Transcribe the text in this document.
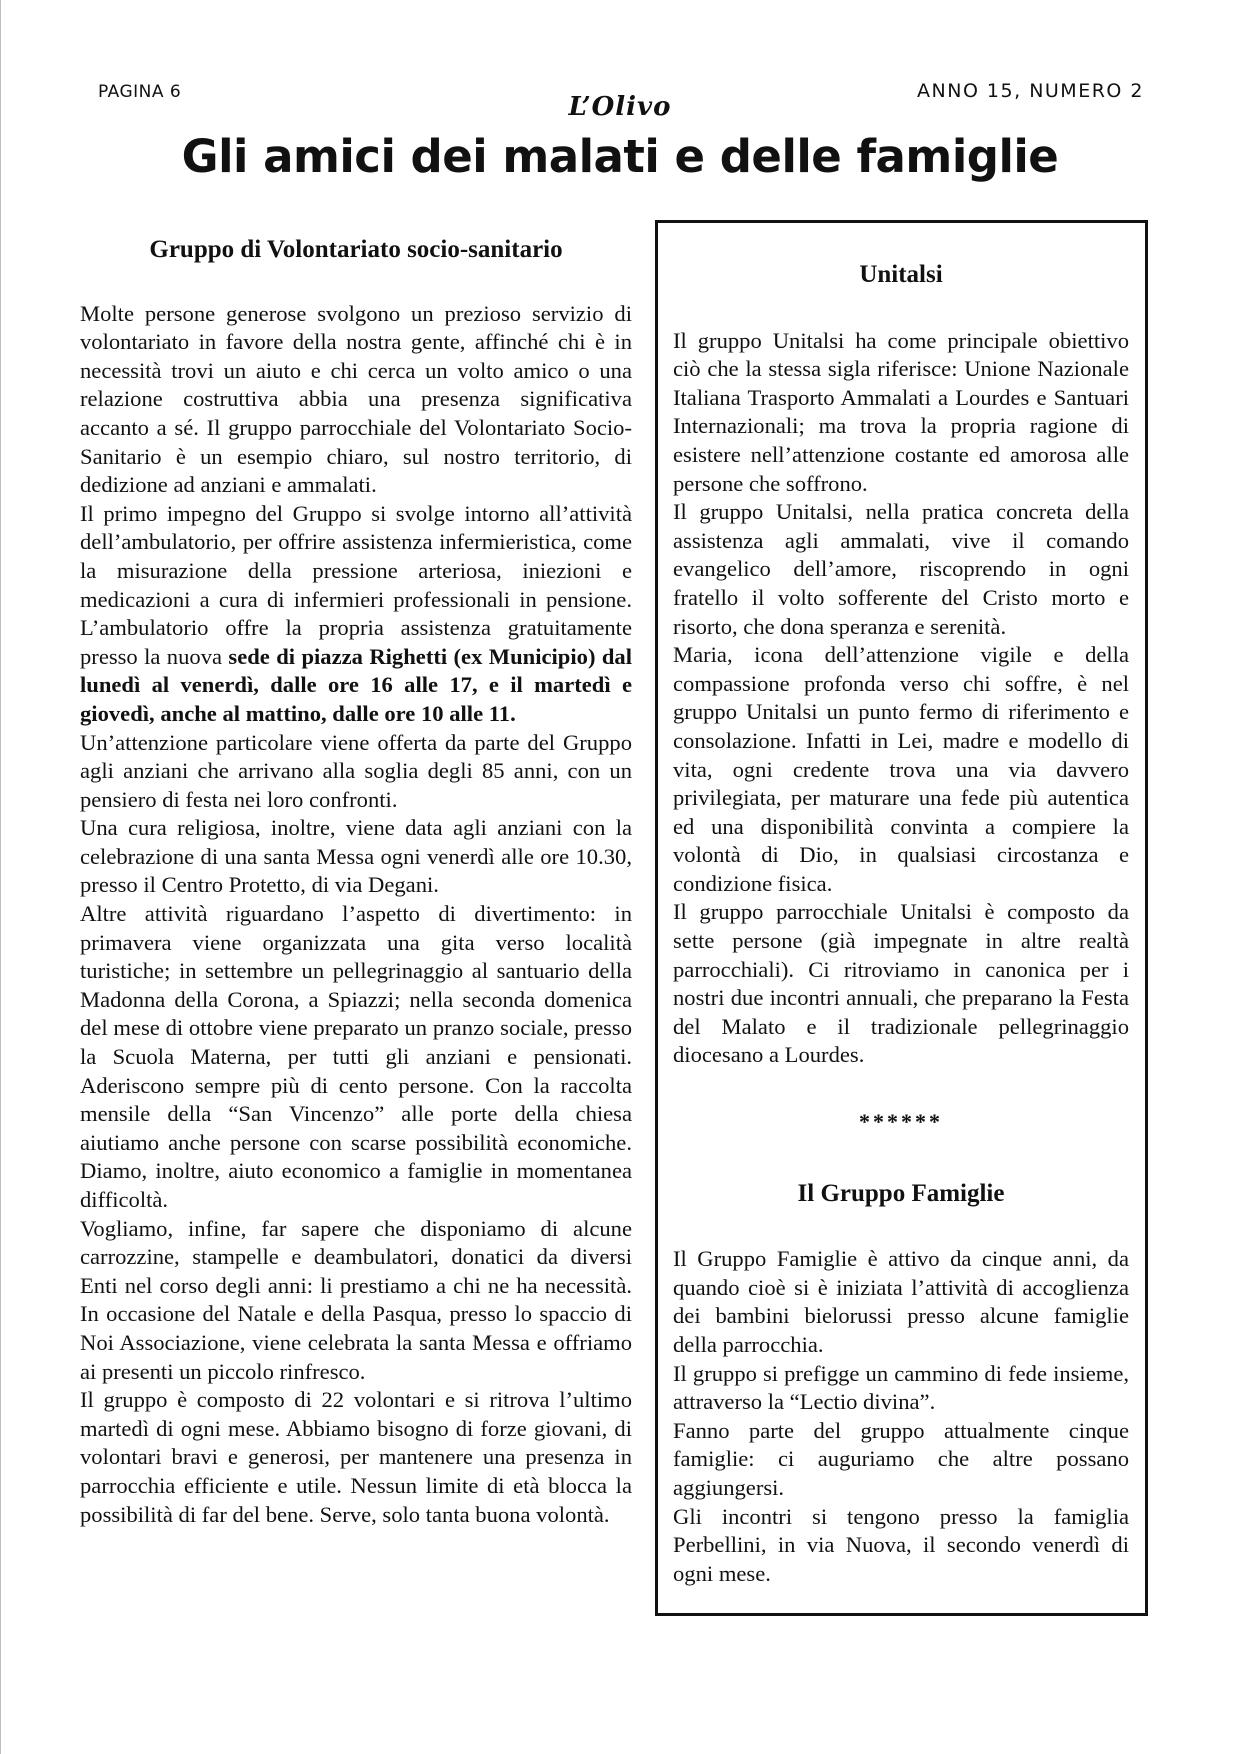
PAGINA 6	L’Olivo
ANNO 15, NUMERO 2
Gli amici dei malati e delle famiglie
Gruppo di Volontariato socio-sanitario

Molte persone generose svolgono un prezioso servizio di volontariato in favore della nostra gente, affinché chi è in necessità trovi un aiuto e chi cerca un volto amico o una relazione costruttiva abbia una presenza significativa accanto a sé. Il gruppo parrocchiale del Volontariato Socio-Sanitario è un esempio chiaro, sul nostro territorio, di dedizione ad anziani e ammalati.

Il primo impegno del Gruppo si svolge intorno all’attività dell’ambulatorio, per offrire assistenza infermieristica, come la misurazione della pressione arteriosa, iniezioni e medicazioni a cura di infermieri professionali in pensione. L’ambulatorio offre la propria assistenza gratuitamente presso la nuova sede di piazza Righetti (ex Municipio) dal lunedì al venerdì, dalle ore 16 alle 17, e il martedì e giovedì, anche al mattino, dalle ore 10 alle 11.

Un’attenzione particolare viene offerta da parte del Gruppo agli anziani che arrivano alla soglia degli 85 anni, con un pensiero di festa nei loro confronti.

Una cura religiosa, inoltre, viene data agli anziani con la celebrazione di una santa Messa ogni venerdì alle ore 10.30, presso il Centro Protetto, di via Degani.

Altre attività riguardano l’aspetto di divertimento: in primavera viene organizzata una gita verso località turistiche; in settembre un pellegrinaggio al santuario della Madonna della Corona, a Spiazzi; nella seconda domenica del mese di ottobre viene preparato un pranzo sociale, presso la Scuola Materna, per tutti gli anziani e pensionati. Aderiscono sempre più di cento persone. Con la raccolta mensile della “San Vincenzo” alle porte della chiesa aiutiamo anche persone con scarse possibilità economiche. Diamo, inoltre, aiuto economico a famiglie in momentanea difficoltà.

Vogliamo, infine, far sapere che disponiamo di alcune carrozzine, stampelle e deambulatori, donatici da diversi Enti nel corso degli anni: li prestiamo a chi ne ha necessità. In occasione del Natale e della Pasqua, presso lo spaccio di Noi Associazione, viene celebrata la santa Messa e offriamo ai presenti un piccolo rinfresco.

Il gruppo è composto di 22 volontari e si ritrova l’ultimo martedì di ogni mese. Abbiamo bisogno di forze giovani, di volontari bravi e generosi, per mantenere una presenza in parrocchia efficiente e utile. Nessun limite di età blocca la possibilità di far del bene. Serve, solo tanta buona volontà.

Unitalsi

Il gruppo Unitalsi ha come principale obiettivo ciò che la stessa sigla riferisce: Unione Nazionale Italiana Trasporto Ammalati a Lourdes e Santuari Internazionali; ma trova la propria ragione di esistere nell’attenzione costante ed amorosa alle persone che soffrono.

Il gruppo Unitalsi, nella pratica concreta della assistenza agli ammalati, vive il comando evangelico dell’amore, riscoprendo in ogni fratello il volto sofferente del Cristo morto e risorto, che dona speranza e serenità.

Maria, icona dell’attenzione vigile e della compassione profonda verso chi soffre, è nel gruppo Unitalsi un punto fermo di riferimento e consolazione. Infatti in Lei, madre e modello di vita, ogni credente trova una via davvero privilegiata, per maturare una fede più autentica ed una disponibilità convinta a compiere la volontà di Dio, in qualsiasi circostanza e condizione fisica.

Il gruppo parrocchiale Unitalsi è composto da sette persone (già impegnate in altre realtà parrocchiali). Ci ritroviamo in canonica per i nostri due incontri annuali, che preparano la Festa del Malato e il tradizionale pellegrinaggio diocesano a Lourdes.

******
Il Gruppo Famiglie

Il Gruppo Famiglie è attivo da cinque anni, da quando cioè si è iniziata l’attività di accoglienza dei bambini bielorussi presso alcune famiglie della parrocchia.

Il gruppo si prefigge un cammino di fede insieme, attraverso la “Lectio divina”.

Fanno parte del gruppo attualmente cinque famiglie: ci auguriamo che altre possano aggiungersi.

Gli incontri si tengono presso la famiglia Perbellini, in via Nuova, il secondo venerdì di ogni mese.
